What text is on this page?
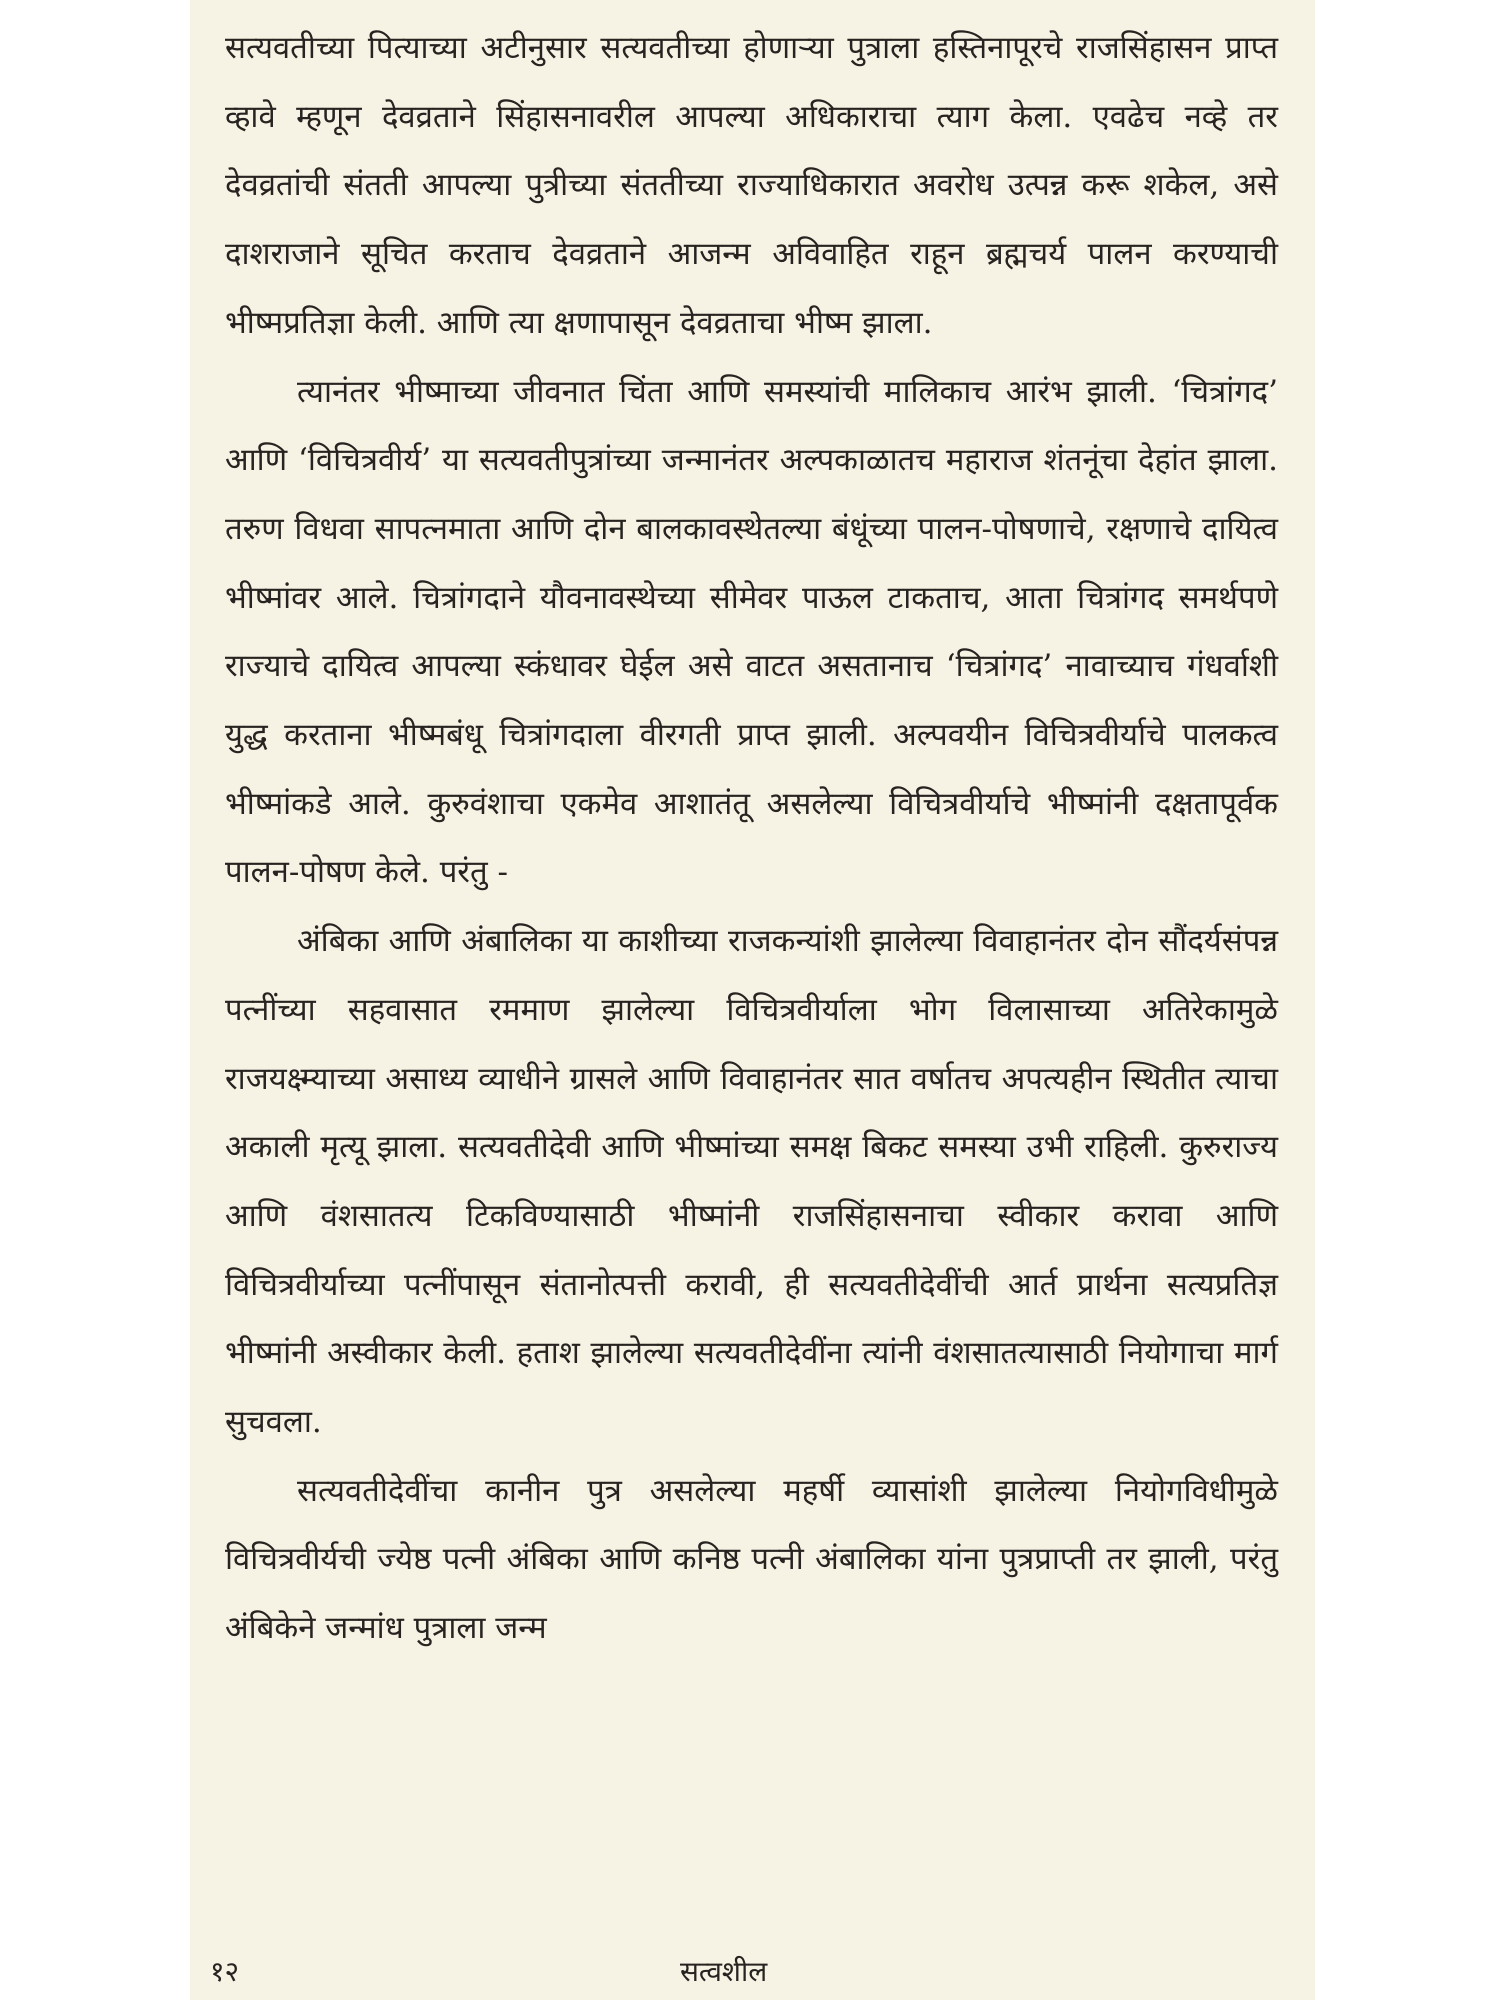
सत्यवतीच्या पित्याच्या अटीनुसार सत्यवतीच्या होणाऱ्या पुत्राला हस्तिनापूरचे राजसिंहासन प्राप्त व्हावे म्हणून देवव्रताने सिंहासनावरील आपल्या अधिकाराचा त्याग केला. एवढेच नव्हे तर देवव्रतांची संतती आपल्या पुत्रीच्या संततीच्या राज्याधिकारात अवरोध उत्पन्न करू शकेल, असे दाशराजाने सूचित करताच देवव्रताने आजन्म अविवाहित राहून ब्रह्मचर्य पालन करण्याची भीष्मप्रतिज्ञा केली. आणि त्या क्षणापासून देवव्रताचा भीष्म झाला.

त्यानंतर भीष्माच्या जीवनात चिंता आणि समस्यांची मालिकाच आरंभ झाली. ‘चित्रांगद’ आणि ‘विचित्रवीर्य’ या सत्यवतीपुत्रांच्या जन्मानंतर अल्पकाळातच महाराज शंतनूंचा देहांत झाला. तरुण विधवा सापत्नमाता आणि दोन बालकावस्थेतल्या बंधूंच्या पालन-पोषणाचे, रक्षणाचे दायित्व भीष्मांवर आले. चित्रांगदाने यौवनावस्थेच्या सीमेवर पाऊल टाकताच, आता चित्रांगद समर्थपणे राज्याचे दायित्व आपल्या स्कंधावर घेईल असे वाटत असतानाच ‘चित्रांगद’ नावाच्याच गंधर्वाशी युद्ध करताना भीष्मबंधू चित्रांगदाला वीरगती प्राप्त झाली. अल्पवयीन विचित्रवीर्याचे पालकत्व भीष्मांकडे आले. कुरुवंशाचा एकमेव आशातंतू असलेल्या विचित्रवीर्याचे भीष्मांनी दक्षतापूर्वक पालन-पोषण केले. परंतु -

अंबिका आणि अंबालिका या काशीच्या राजकन्यांशी झालेल्या विवाहानंतर दोन सौंदर्यसंपन्न पत्नींच्या सहवासात रममाण झालेल्या विचित्रवीर्याला भोग विलासाच्या अतिरेकामुळे राजयक्ष्म्याच्या असाध्य व्याधीने ग्रासले आणि विवाहानंतर सात वर्षातच अपत्यहीन स्थितीत त्याचा अकाली मृत्यू झाला. सत्यवतीदेवी आणि भीष्मांच्या समक्ष बिकट समस्या उभी राहिली. कुरुराज्य आणि वंशसातत्य टिकविण्यासाठी भीष्मांनी राजसिंहासनाचा स्वीकार करावा आणि विचित्रवीर्याच्या पत्नींपासून संतानोत्पत्ती करावी, ही सत्यवतीदेवींची आर्त प्रार्थना सत्यप्रतिज्ञ भीष्मांनी अस्वीकार केली. हताश झालेल्या सत्यवतीदेवींना त्यांनी वंशसातत्यासाठी नियोगाचा मार्ग सुचवला.

सत्यवतीदेवींचा कानीन पुत्र असलेल्या महर्षी व्यासांशी झालेल्या नियोगविधीमुळे विचित्रवीर्यची ज्येष्ठ पत्नी अंबिका आणि कनिष्ठ पत्नी अंबालिका यांना पुत्रप्राप्ती तर झाली, परंतु अंबिकेने जन्मांध पुत्राला जन्म

१२	सत्वशील
